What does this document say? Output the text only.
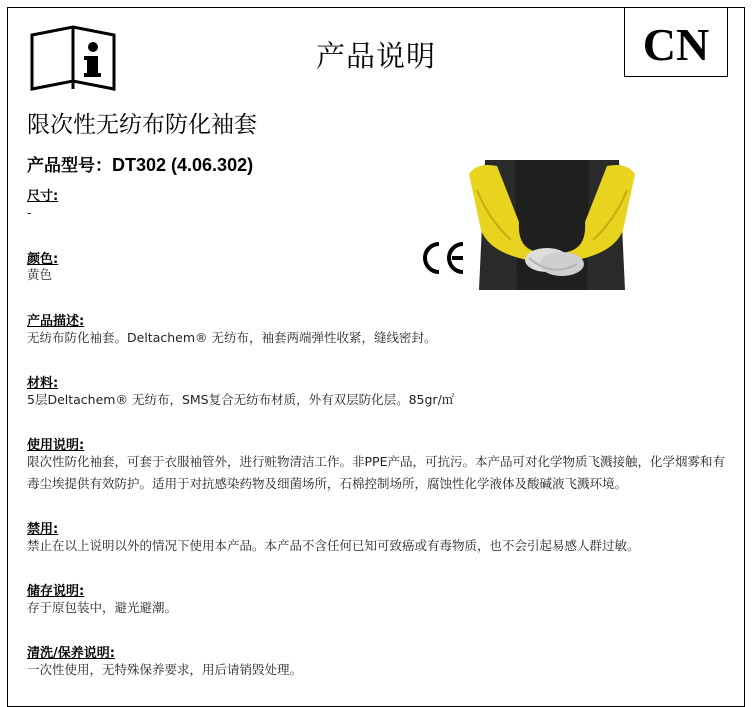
产品说明	CN
限次性无纺布防化袖套
产品型号：DT302 (4.06.302)
尺寸:
-
颜色:
黄色
产品描述:
无纺布防化袖套。Deltachem® 无纺布，袖套两端弹性收紧，缝线密封。
材料:
5层Deltachem® 无纺布，SMS复合无纺布材质，外有双层防化层。85gr/㎡
使用说明:
限次性防化袖套，可套于衣服袖管外，进行赃物清洁工作。非PPE产品，可抗污。本产品可对化学物质飞溅接触，化学烟雾和有毒尘埃提供有效防护。适用于对抗感染药物及细菌场所，石棉控制场所，腐蚀性化学液体及酸碱液飞溅环境。
禁用:
禁止在以上说明以外的情况下使用本产品。本产品不含任何已知可致癌或有毒物质，也不会引起易感人群过敏。
储存说明:
存于原包装中，避光避潮。
清洗/保养说明:
一次性使用，无特殊保养要求，用后请销毁处理。
